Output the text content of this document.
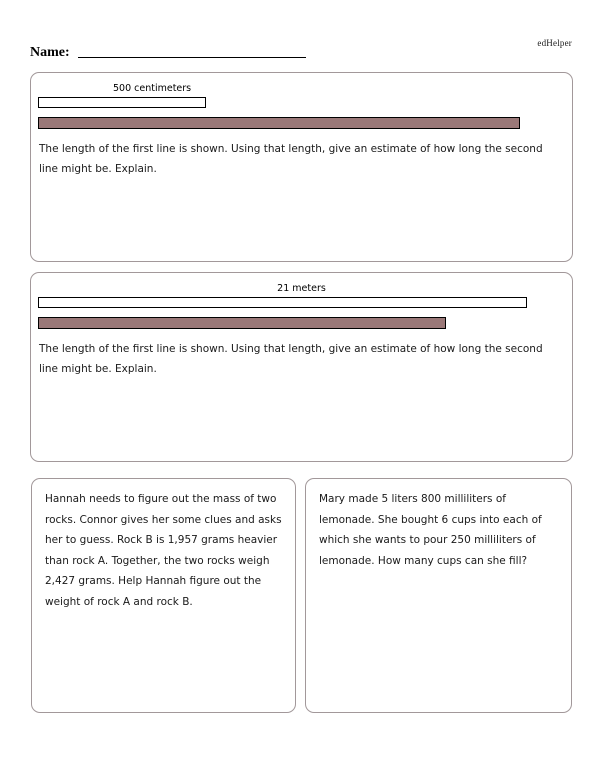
edHelper
Name:
500 centimeters
The length of the first line is shown. Using that length, give an estimate of how long the second line might be. Explain.
21 meters
The length of the first line is shown. Using that length, give an estimate of how long the second line might be. Explain.
Hannah needs to figure out the mass of two rocks. Connor gives her some clues and asks her to guess. Rock B is 1,957 grams heavier than rock A. Together, the two rocks weigh 2,427 grams. Help Hannah figure out the weight of rock A and rock B.
Mary made 5 liters 800 milliliters of lemonade. She bought 6 cups into each of which she wants to pour 250 milliliters of lemonade. How many cups can she fill?
